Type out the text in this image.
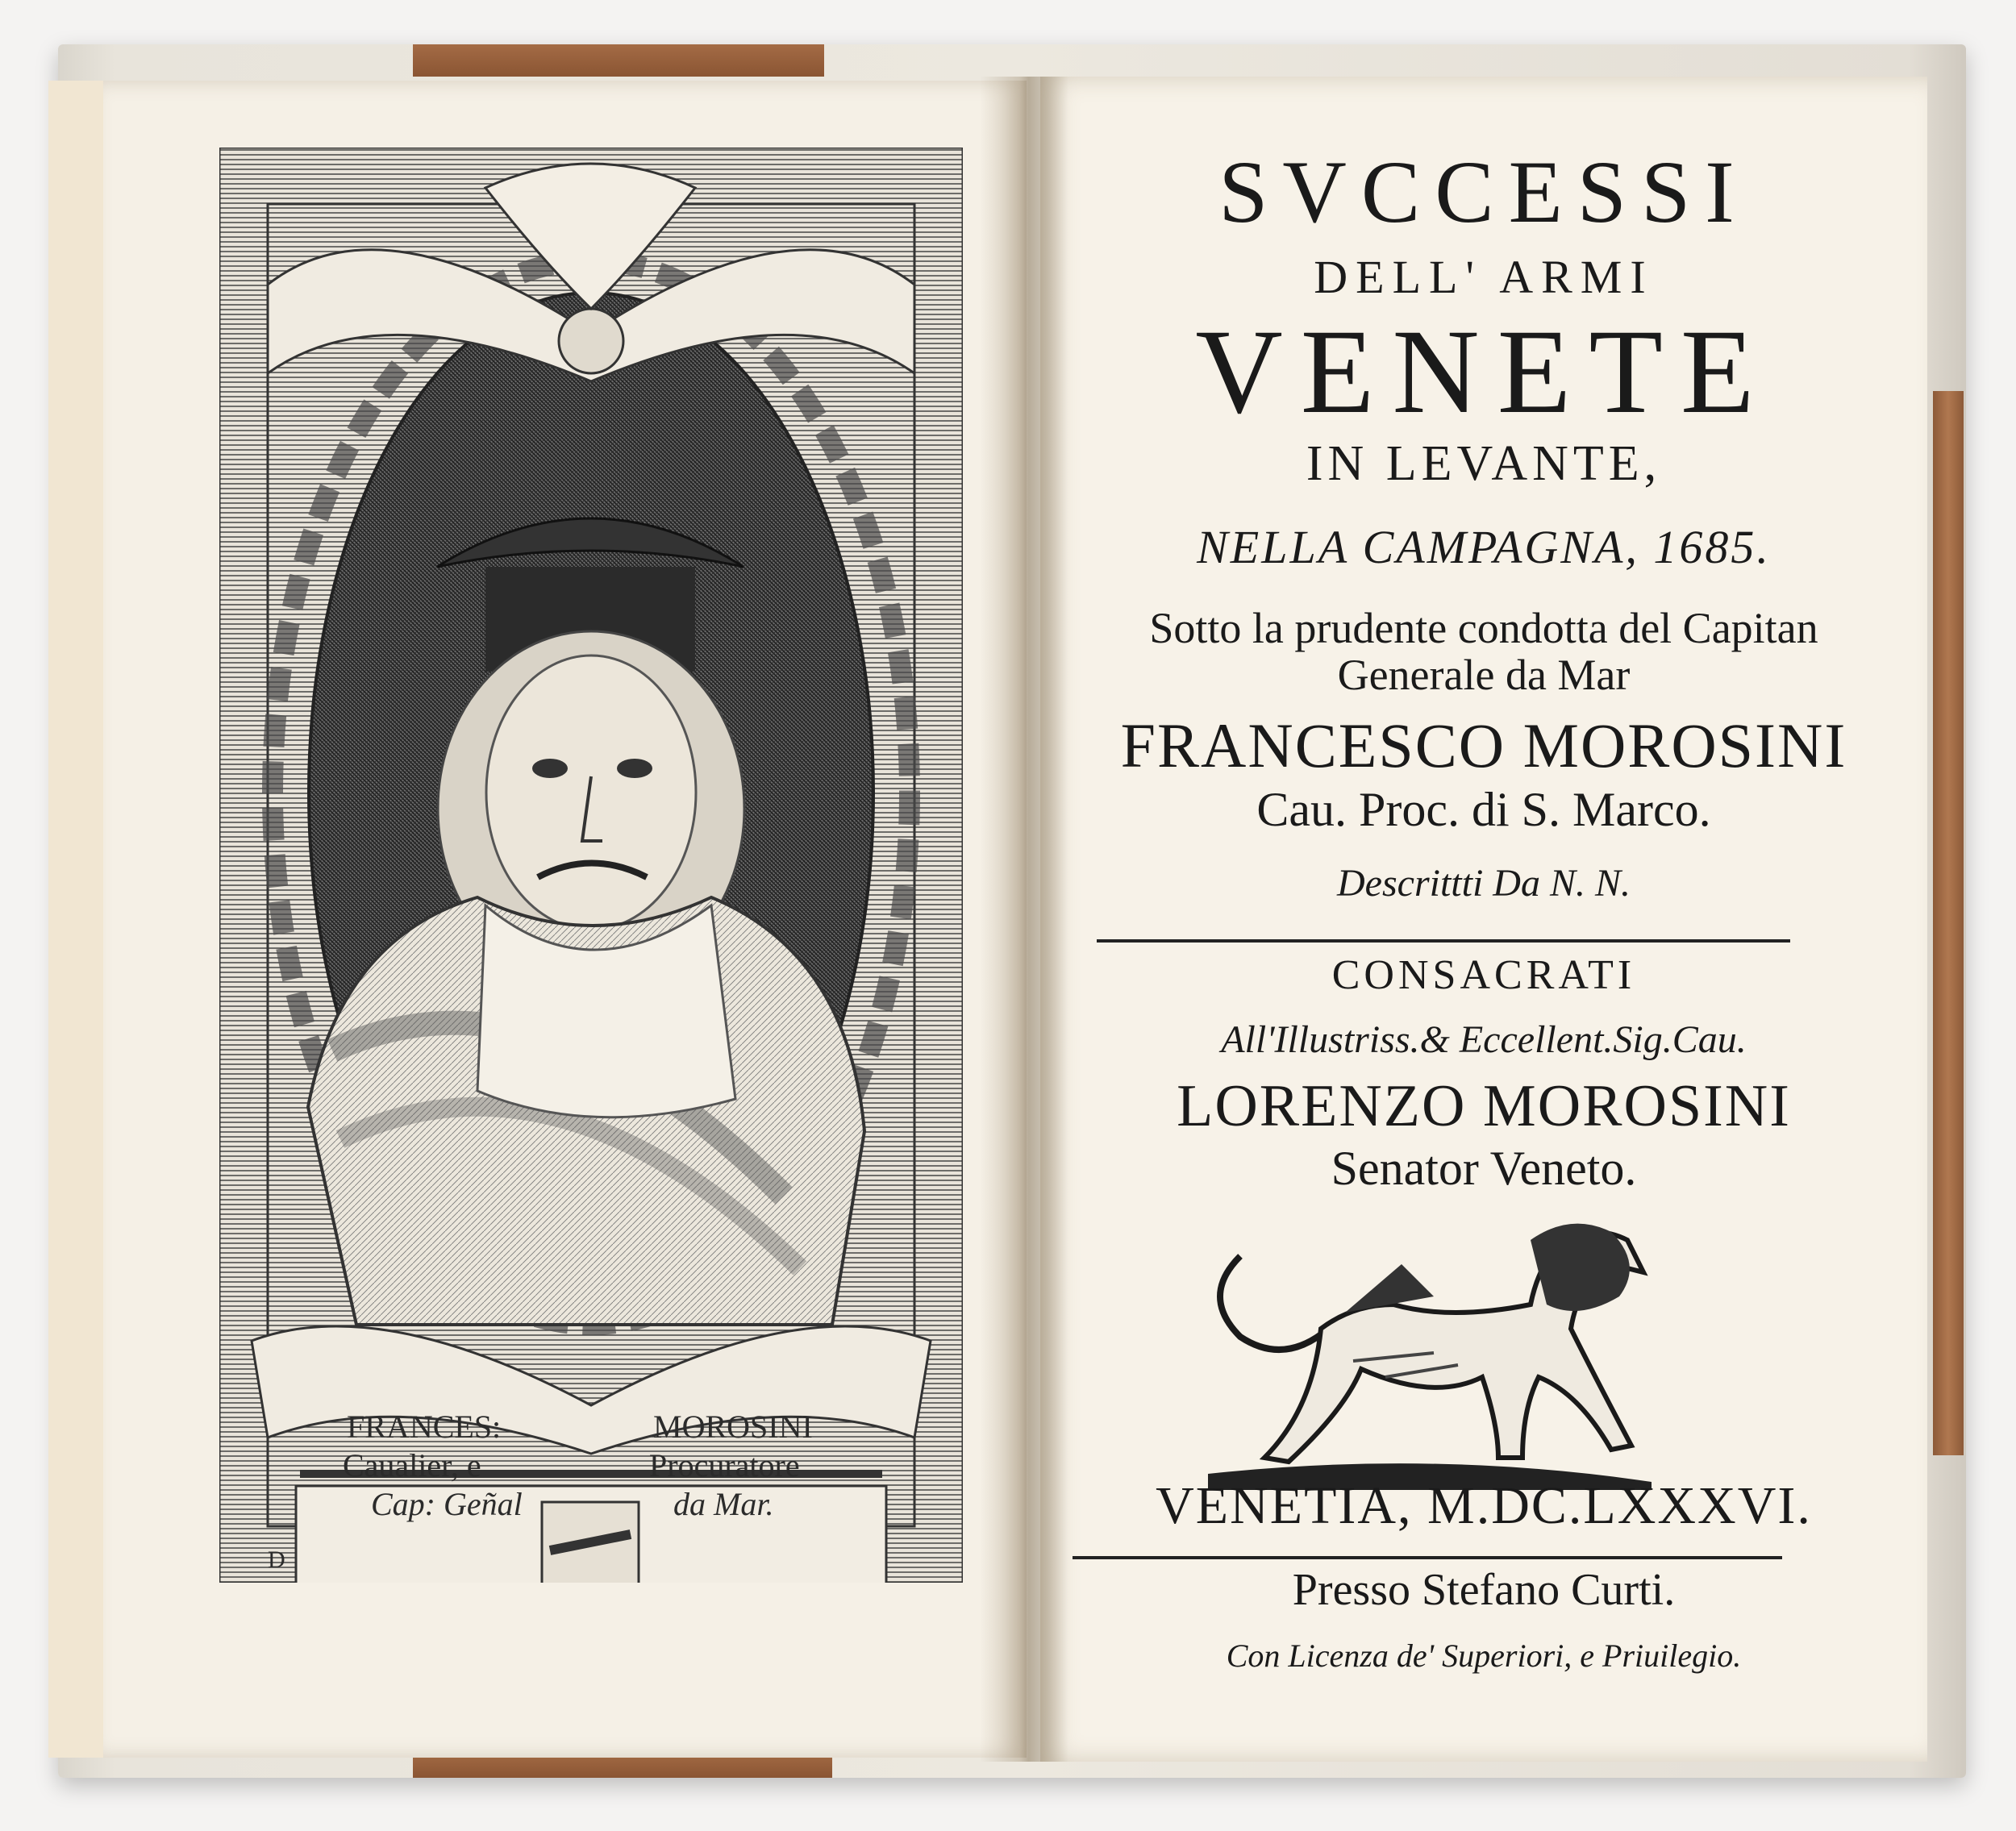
FRANCES:
Caualier, e
Cap: Geñal
MOROSINI
Procuratore
da Mar.
D
SVCCESSI
DELL' ARMI
VENETE
IN LEVANTE,
NELLA CAMPAGNA, 1685.
Sotto la prudente condotta del Capitan
Generale da Mar
FRANCESCO MOROSINI
Cau. Proc. di S. Marco.
Descrittti Da N. N.
CONSACRATI
All'Illustriss.& Eccellent.Sig.Cau.
LORENZO MOROSINI
Senator Veneto.
VENETIA, M.DC.LXXXVI.
Presso Stefano Curti.
Con Licenza de' Superiori, e Priuilegio.
